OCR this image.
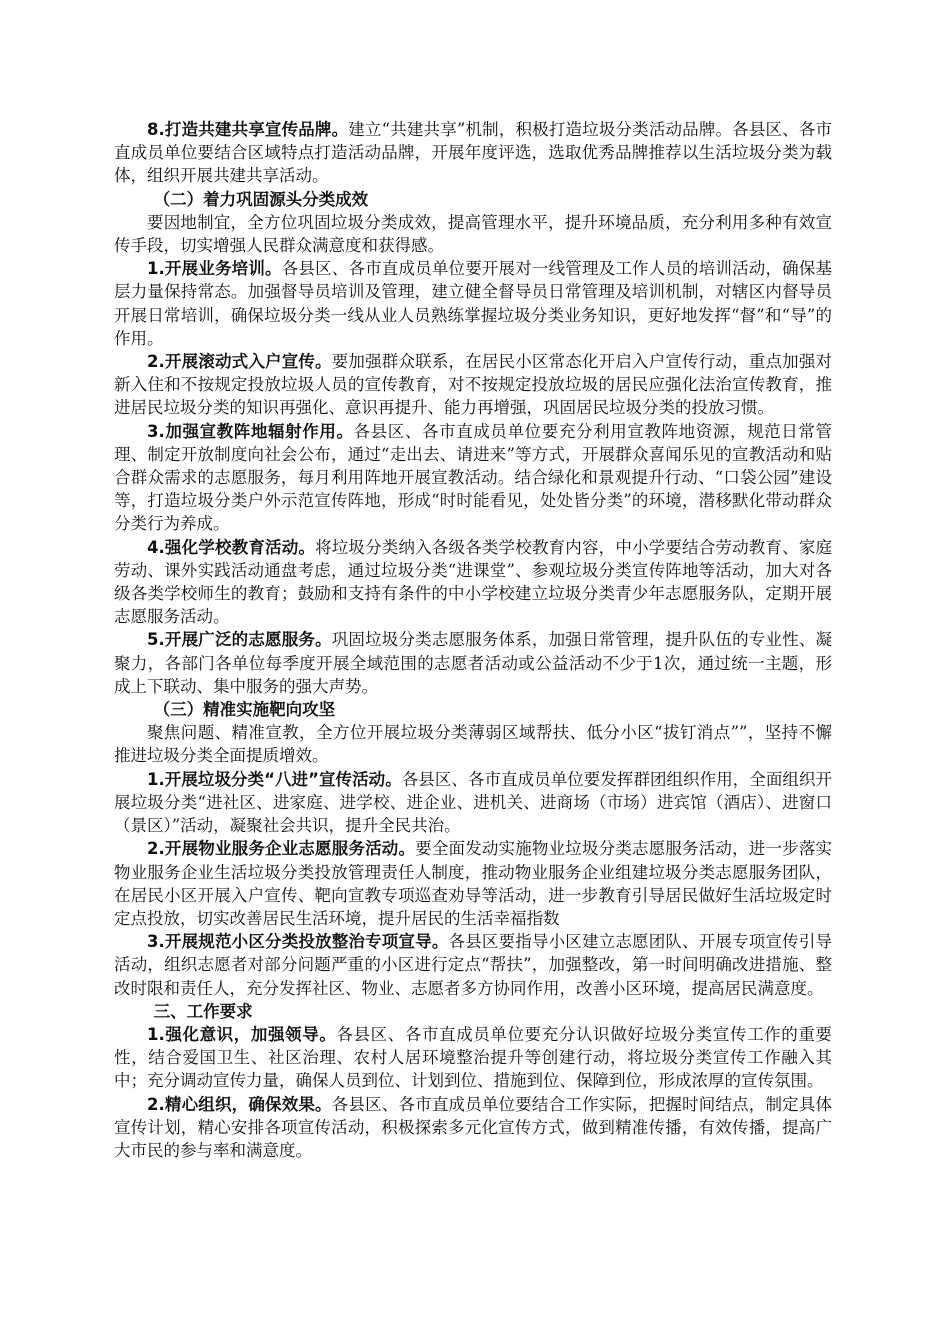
8.打造共建共享宣传品牌。建立“共建共享”机制，积极打造垃圾分类活动品牌。各县区、各市直成员单位要结合区域特点打造活动品牌，开展年度评选，选取优秀品牌推荐以生活垃圾分类为载体，组织开展共建共享活动。

（二）着力巩固源头分类成效

要因地制宜，全方位巩固垃圾分类成效，提高管理水平，提升环境品质，充分利用多种有效宣传手段，切实增强人民群众满意度和获得感。

1.开展业务培训。各县区、各市直成员单位要开展对一线管理及工作人员的培训活动，确保基层力量保持常态。加强督导员培训及管理，建立健全督导员日常管理及培训机制，对辖区内督导员开展日常培训，确保垃圾分类一线从业人员熟练掌握垃圾分类业务知识，更好地发挥“督”和“导”的作用。

2.开展滚动式入户宣传。要加强群众联系，在居民小区常态化开启入户宣传行动，重点加强对新入住和不按规定投放垃圾人员的宣传教育，对不按规定投放垃圾的居民应强化法治宣传教育，推进居民垃圾分类的知识再强化、意识再提升、能力再增强，巩固居民垃圾分类的投放习惯。

3.加强宣教阵地辐射作用。各县区、各市直成员单位要充分利用宣教阵地资源，规范日常管理、制定开放制度向社会公布，通过“走出去、请进来”等方式，开展群众喜闻乐见的宣教活动和贴合群众需求的志愿服务，每月利用阵地开展宣教活动。结合绿化和景观提升行动、“口袋公园”建设等，打造垃圾分类户外示范宣传阵地，形成“时时能看见，处处皆分类”的环境，潜移默化带动群众分类行为养成。

4.强化学校教育活动。将垃圾分类纳入各级各类学校教育内容，中小学要结合劳动教育、家庭劳动、课外实践活动通盘考虑，通过垃圾分类“进课堂”、参观垃圾分类宣传阵地等活动，加大对各级各类学校师生的教育；鼓励和支持有条件的中小学校建立垃圾分类青少年志愿服务队，定期开展志愿服务活动。

5.开展广泛的志愿服务。巩固垃圾分类志愿服务体系，加强日常管理，提升队伍的专业性、凝聚力，各部门各单位每季度开展全域范围的志愿者活动或公益活动不少于1次，通过统一主题，形成上下联动、集中服务的强大声势。

（三）精准实施靶向攻坚

聚焦问题、精准宣教，全方位开展垃圾分类薄弱区域帮扶、低分小区“拔钉消点””，坚持不懈推进垃圾分类全面提质增效。

1.开展垃圾分类“八进”宣传活动。各县区、各市直成员单位要发挥群团组织作用，全面组织开展垃圾分类“进社区、进家庭、进学校、进企业、进机关、进商场（市场）进宾馆（酒店）、进窗口（景区）”活动，凝聚社会共识，提升全民共治。

2.开展物业服务企业志愿服务活动。要全面发动实施物业垃圾分类志愿服务活动，进一步落实物业服务企业生活垃圾分类投放管理责任人制度，推动物业服务企业组建垃圾分类志愿服务团队，在居民小区开展入户宣传、靶向宣教专项巡查劝导等活动，进一步教育引导居民做好生活垃圾定时定点投放，切实改善居民生活环境，提升居民的生活幸福指数

3.开展规范小区分类投放整治专项宣导。各县区要指导小区建立志愿团队、开展专项宣传引导活动，组织志愿者对部分问题严重的小区进行定点“帮扶”，加强整改，第一时间明确改进措施、整改时限和责任人，充分发挥社区、物业、志愿者多方协同作用，改善小区环境，提高居民满意度。

三、工作要求

1.强化意识，加强领导。各县区、各市直成员单位要充分认识做好垃圾分类宣传工作的重要性，结合爱国卫生、社区治理、农村人居环境整治提升等创建行动，将垃圾分类宣传工作融入其中；充分调动宣传力量，确保人员到位、计划到位、措施到位、保障到位，形成浓厚的宣传氛围。

2.精心组织，确保效果。各县区、各市直成员单位要结合工作实际，把握时间结点，制定具体宣传计划，精心安排各项宣传活动，积极探索多元化宣传方式，做到精准传播，有效传播，提高广大市民的参与率和满意度。
